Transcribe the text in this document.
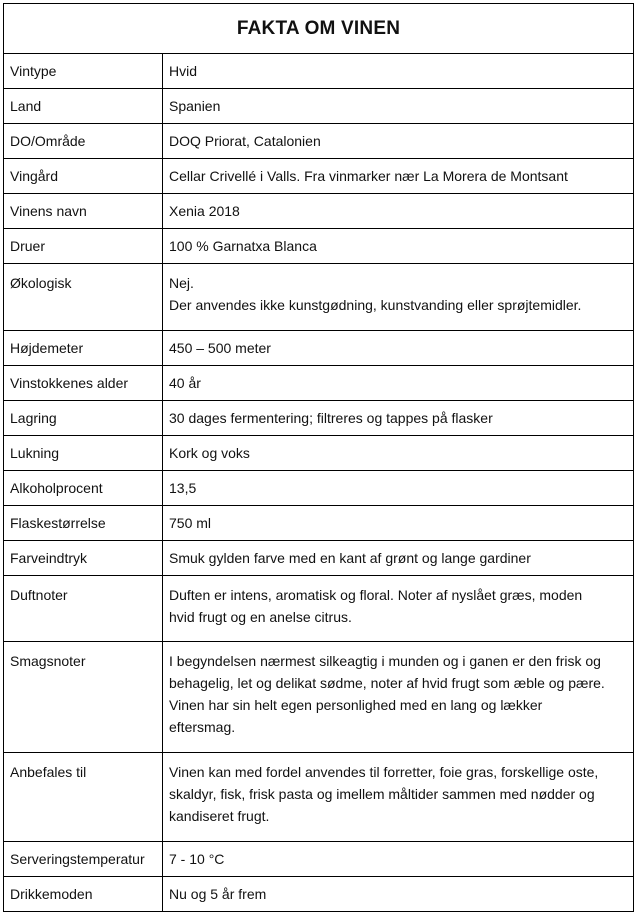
FAKTA OM VINEN	
Vintype	Hvid

Land	Spanien

DO/Område	DOQ Priorat, Catalonien

Vingård	Cellar Crivellé i Valls. Fra vinmarker nær La Morera de Montsant

Vinens navn	Xenia 2018

Druer	100 % Garnatxa Blanca

Økologisk	Nej.
Der anvendes ikke kunstgødning, kunstvanding eller sprøjtemidler.

Højdemeter	450 – 500 meter

Vinstokkenes alder	40 år

Lagring	30 dages fermentering; filtreres og tappes på flasker

Lukning	Kork og voks

Alkoholprocent	13,5

Flaskestørrelse	750 ml

Farveindtryk	Smuk gylden farve med en kant af grønt og lange gardiner

Duftnoter	Duften er intens, aromatisk og floral. Noter af nyslået græs, moden
hvid frugt og en anelse citrus.

Smagsnoter	I begyndelsen nærmest silkeagtig i munden og i ganen er den frisk og
behagelig, let og delikat sødme, noter af hvid frugt som æble og pære.
Vinen har sin helt egen personlighed med en lang og lækker
eftersmag.

Anbefales til	Vinen kan med fordel anvendes til forretter, foie gras, forskellige oste,
skaldyr, fisk, frisk pasta og imellem måltider sammen med nødder og
kandiseret frugt.

Serveringstemperatur	7 - 10 °C

Drikkemoden	Nu og 5 år frem
